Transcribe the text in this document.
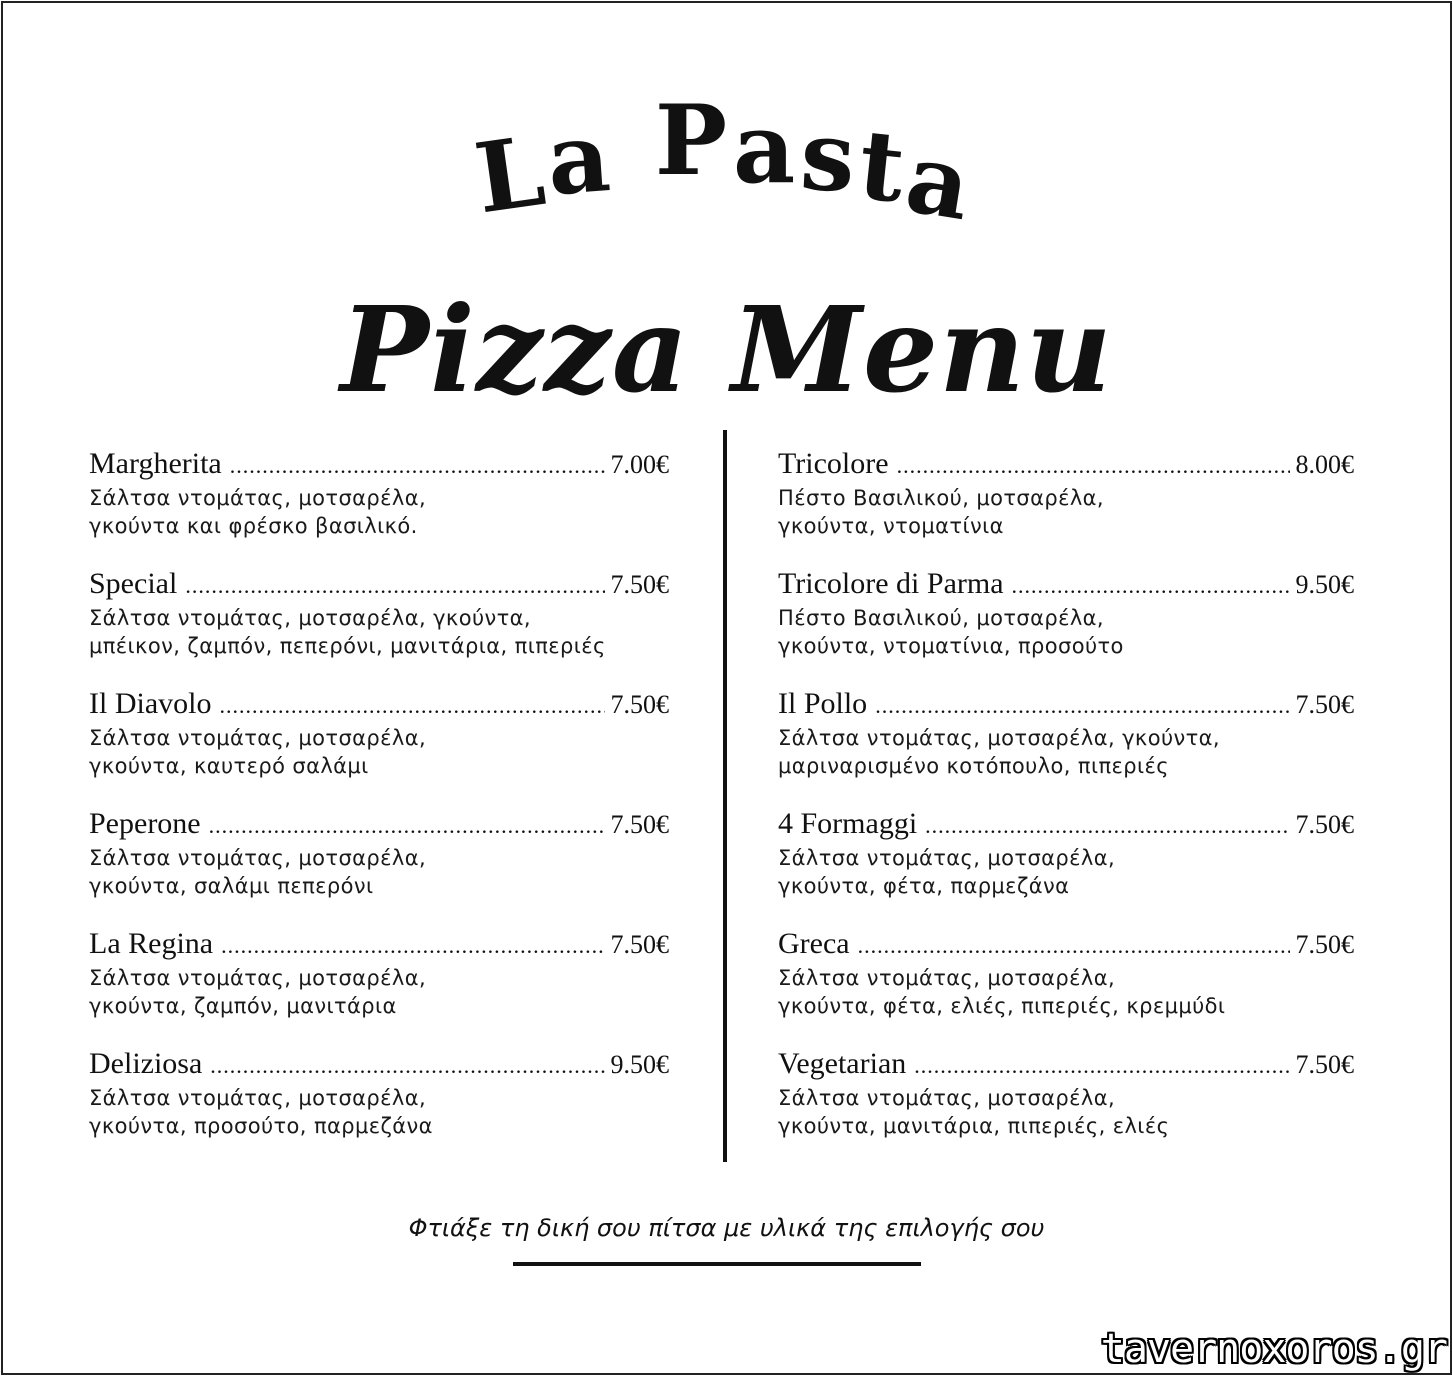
La Pasta
Pizza Menu
Margherita .....	7.00€
Σάλτσα ντομάτας, μοτσαρέλα,
γκούντα και φρέσκο βασιλικό.
Special .....	7.50€
Σάλτσα ντομάτας, μοτσαρέλα, γκούντα,
μπέικον, ζαμπόν, πεπερόνι, μανιτάρια, πιπεριές
Il Diavolo .....	7.50€
Σάλτσα ντομάτας, μοτσαρέλα,
γκούντα, καυτερό σαλάμι
Peperone .....	7.50€
Σάλτσα ντομάτας, μοτσαρέλα,
γκούντα, σαλάμι πεπερόνι
La Regina .....	7.50€
Σάλτσα ντομάτας, μοτσαρέλα,
γκούντα, ζαμπόν, μανιτάρια
Deliziosa .....	9.50€
Σάλτσα ντομάτας, μοτσαρέλα,
γκούντα, προσούτο, παρμεζάνα
Tricolore .....	8.00€
Πέστο Βασιλικού, μοτσαρέλα,
γκούντα, ντοματίνια
Tricolore di Parma .....	9.50€
Πέστο Βασιλικού, μοτσαρέλα,
γκούντα, ντοματίνια, προσούτο
Il Pollo .....	7.50€
Σάλτσα ντομάτας, μοτσαρέλα, γκούντα,
μαριναρισμένο κοτόπουλο, πιπεριές
4 Formaggi .....	7.50€
Σάλτσα ντομάτας, μοτσαρέλα,
γκούντα, φέτα, παρμεζάνα
Greca .....	7.50€
Σάλτσα ντομάτας, μοτσαρέλα,
γκούντα, φέτα, ελιές, πιπεριές, κρεμμύδι
Vegetarian .....	7.50€
Σάλτσα ντομάτας, μοτσαρέλα,
γκούντα, μανιτάρια, πιπεριές, ελιές

Φτιάξε τη δική σου πίτσα με υλικά της επιλογής σου

tavernoxoros.gr
